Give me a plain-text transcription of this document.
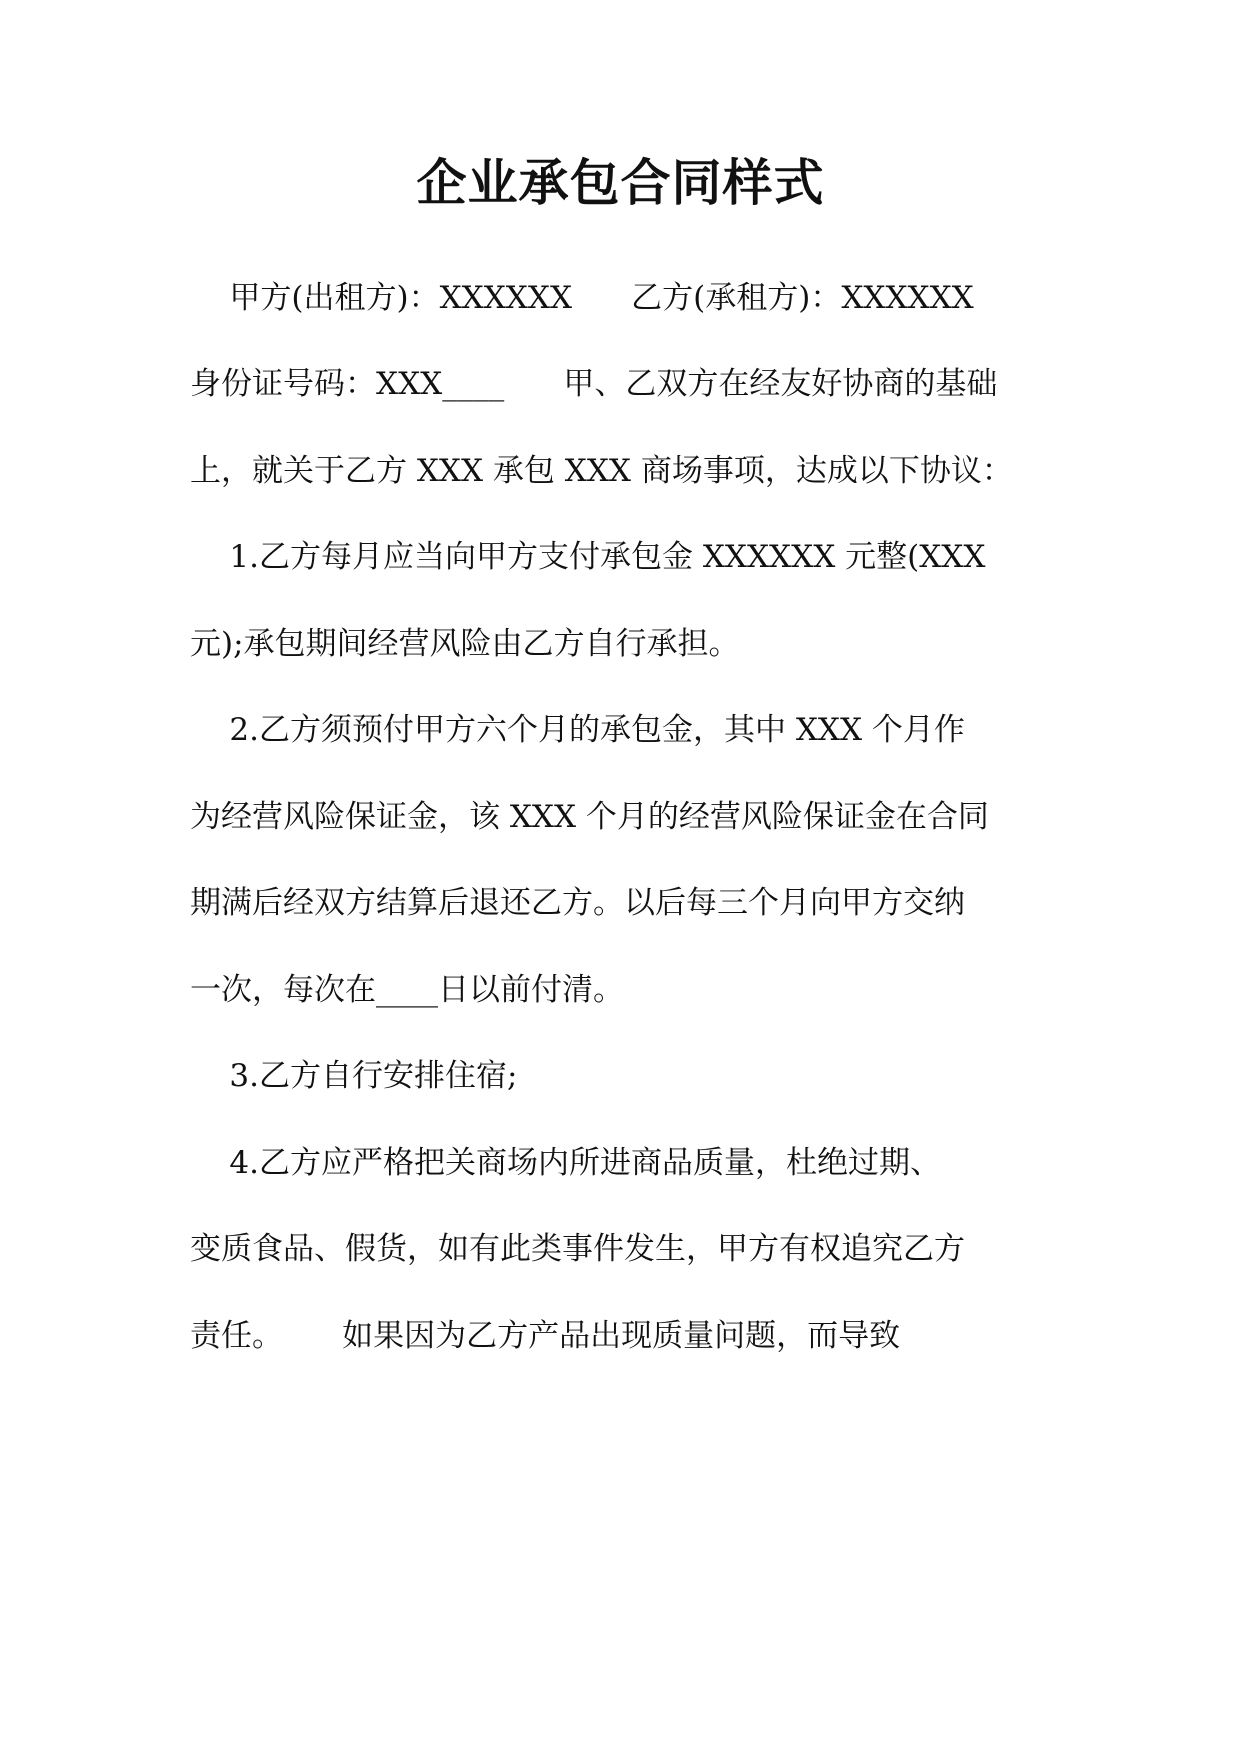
企业承包合同样式
甲方(出租方)：XXXXXX      乙方(承租方)：XXXXXX
身份证号码：XXX____      甲、乙双方在经友好协商的基础
上，就关于乙方 XXX 承包 XXX 商场事项，达成以下协议：
1.乙方每月应当向甲方支付承包金 XXXXXX 元整(XXX
元);承包期间经营风险由乙方自行承担。
2.乙方须预付甲方六个月的承包金，其中 XXX 个月作
为经营风险保证金，该 XXX 个月的经营风险保证金在合同
期满后经双方结算后退还乙方。以后每三个月向甲方交纳
一次，每次在____日以前付清。
3.乙方自行安排住宿;
4.乙方应严格把关商场内所进商品质量，杜绝过期、
变质食品、假货，如有此类事件发生，甲方有权追究乙方
责任。      如果因为乙方产品出现质量问题，而导致
